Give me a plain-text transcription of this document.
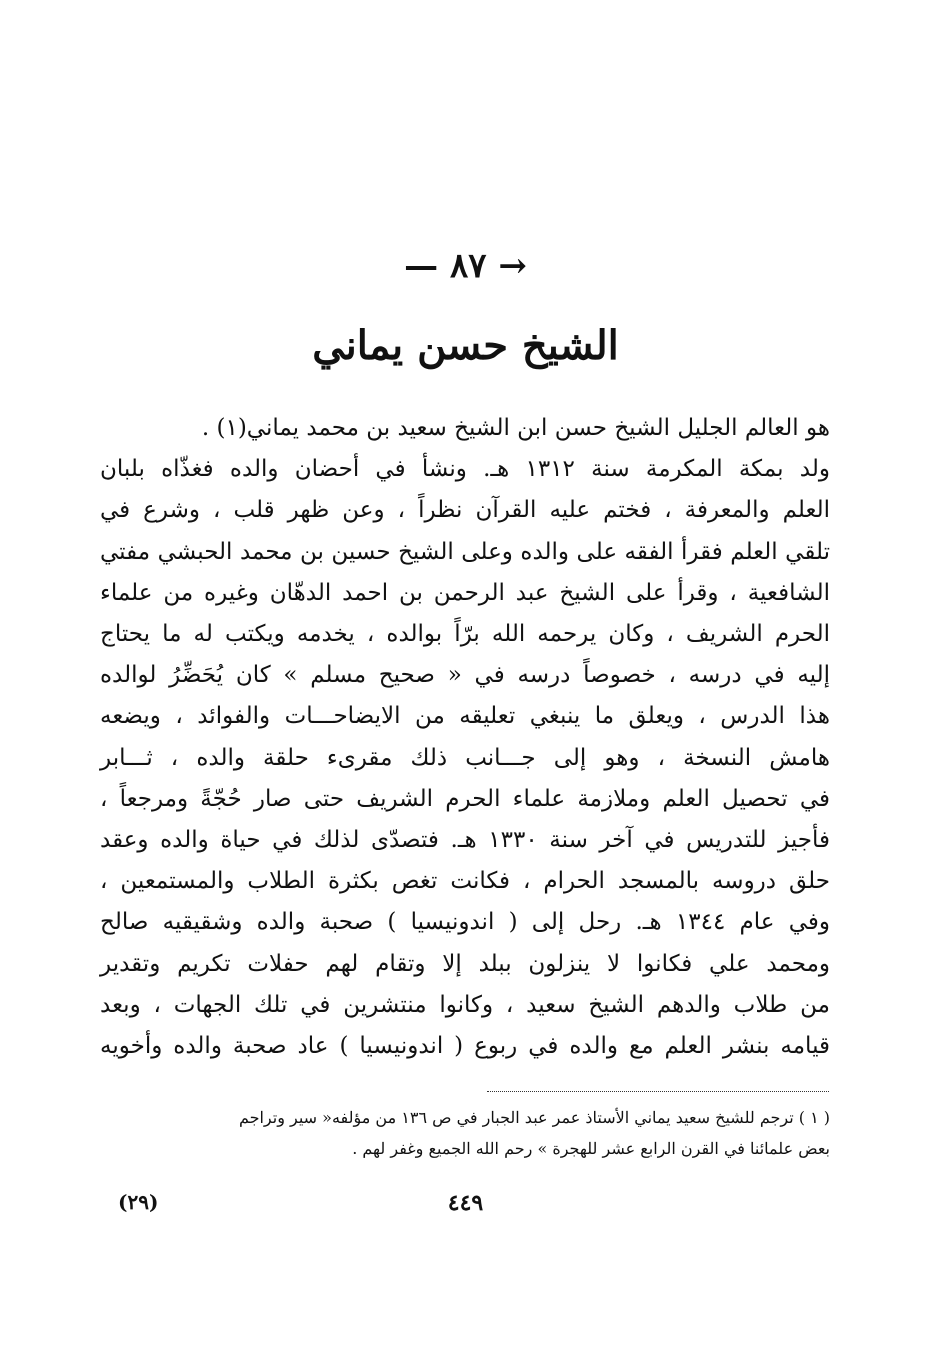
→ ٨٧ —
الشيخ حسن يماني
هو العالم الجليل الشيخ حسن ابن الشيخ سعيد بن محمد يماني(١) .
ولد بمكة المكرمة سنة ١٣١٢ هـ. ونشأ في أحضان والده فغذّاه بلبان
العلم والمعرفة ، فختم عليه القرآن نظراً ، وعن ظهر قلب ، وشرع في
تلقي العلم فقرأ الفقه على والده وعلى الشيخ حسين بن محمد الحبشي مفتي
الشافعية ، وقرأ على الشيخ عبد الرحمن بن احمد الدهّان وغيره من علماء
الحرم الشريف ، وكان يرحمه الله برّاً بوالده ، يخدمه ويكتب له ما يحتاج
إليه في درسه ، خصوصاً درسه في « صحيح مسلم » كان يُحَضِّرُ لوالده
هذا الدرس ، ويعلق ما ينبغي تعليقه من الايضاحـــات والفوائد ، ويضعه
هامش النسخة ، وهو إلى جـــانب ذلك مقرىء حلقة والده ، ثـــابر
في تحصيل العلم وملازمة علماء الحرم الشريف حتى صار حُجّةً ومرجعاً ،
فأجيز للتدريس في آخر سنة ١٣٣٠ هـ. فتصدّى لذلك في حياة والده وعقد
حلق دروسه بالمسجد الحرام ، فكانت تغص بكثرة الطلاب والمستمعين ،
وفي عام ١٣٤٤ هـ. رحل إلى ( اندونيسيا ) صحبة والده وشقيقيه صالح
ومحمد علي فكانوا لا ينزلون ببلد إلا وتقام لهم حفلات تكريم وتقدير
من طلاب والدهم الشيخ سعيد ، وكانوا منتشرين في تلك الجهات ، وبعد
قيامه بنشر العلم مع والده في ربوع ( اندونيسيا ) عاد صحبة والده وأخويه
( ١ ) ترجم للشيخ سعيد يماني الأستاذ عمر عبد الجبار في ص ١٣٦ من مؤلفه« سير وتراجم
بعض علمائنا في القرن الرابع عشر للهجرة » رحم الله الجميع وغفر لهم .
(٢٩)	٤٤٩
